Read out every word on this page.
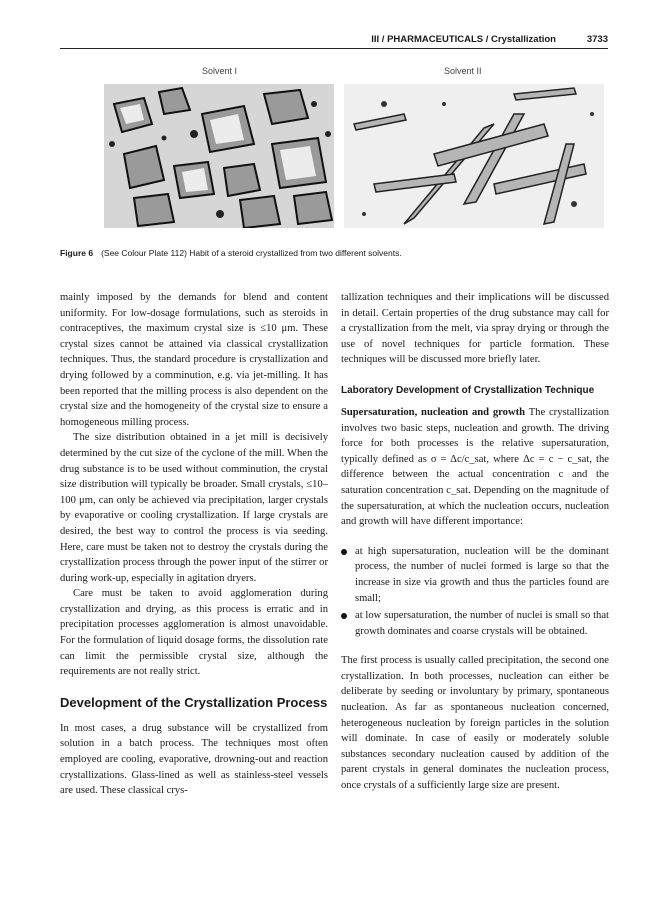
III / PHARMACEUTICALS / Crystallization	3733
Solvent I	Solvent II
Figure 6 (See Colour Plate 112) Habit of a steroid crystallized from two different solvents.

mainly imposed by the demands for blend and content uniformity. For low-dosage formulations, such as steroids in contraceptives, the maximum crystal size is ≤10 μm. These crystal sizes cannot be attained via classical crystallization techniques. Thus, the standard procedure is crystallization and drying followed by a comminution, e.g. via jet-milling. It has been reported that the milling process is also dependent on the crystal size and the homogeneity of the crystal size to ensure a homogeneous milling process.

The size distribution obtained in a jet mill is decisively determined by the cut size of the cyclone of the mill. When the drug substance is to be used without comminution, the crystal size distribution will typically be broader. Small crystals, ≤10–100 μm, can only be achieved via precipitation, larger crystals by evaporative or cooling crystallization. If large crystals are desired, the best way to control the process is via seeding. Here, care must be taken not to destroy the crystals during the crystallization process through the power input of the stirrer or during work-up, especially in agitation dryers.

Care must be taken to avoid agglomeration during crystallization and drying, as this process is erratic and in precipitation processes agglomeration is almost unavoidable. For the formulation of liquid dosage forms, the dissolution rate can limit the permissible crystal size, although the requirements are not really strict.

Development of the Crystallization Process

In most cases, a drug substance will be crystallized from solution in a batch process. The techniques most often employed are cooling, evaporative, drowning-out and reaction crystallizations. Glass-lined as well as stainless-steel vessels are used. These classical crys-

tallization techniques and their implications will be discussed in detail. Certain properties of the drug substance may call for a crystallization from the melt, via spray drying or through the use of novel techniques for particle formation. These techniques will be discussed more briefly later.

Laboratory Development of Crystallization Technique

Supersaturation, nucleation and growth The crystallization involves two basic steps, nucleation and growth. The driving force for both processes is the relative supersaturation, typically defined as σ = Δc/c_sat, where Δc = c − c_sat, the difference between the actual concentration c and the saturation concentration c_sat. Depending on the magnitude of the supersaturation, at which the nucleation occurs, nucleation and growth will have different importance:

at high supersaturation, nucleation will be the dominant process, the number of nuclei formed is large so that the increase in size via growth and thus the particles found are small;
at low supersaturation, the number of nuclei is small so that growth dominates and coarse crystals will be obtained.

The first process is usually called precipitation, the second one crystallization. In both processes, nucleation can either be deliberate by seeding or involuntary by primary, spontaneous nucleation. As far as spontaneous nucleation concerned, heterogeneous nucleation by foreign particles in the solution will dominate. In case of easily or moderately soluble substances secondary nucleation caused by addition of the parent crystals in general dominates the nucleation process, once crystals of a sufficiently large size are present.
